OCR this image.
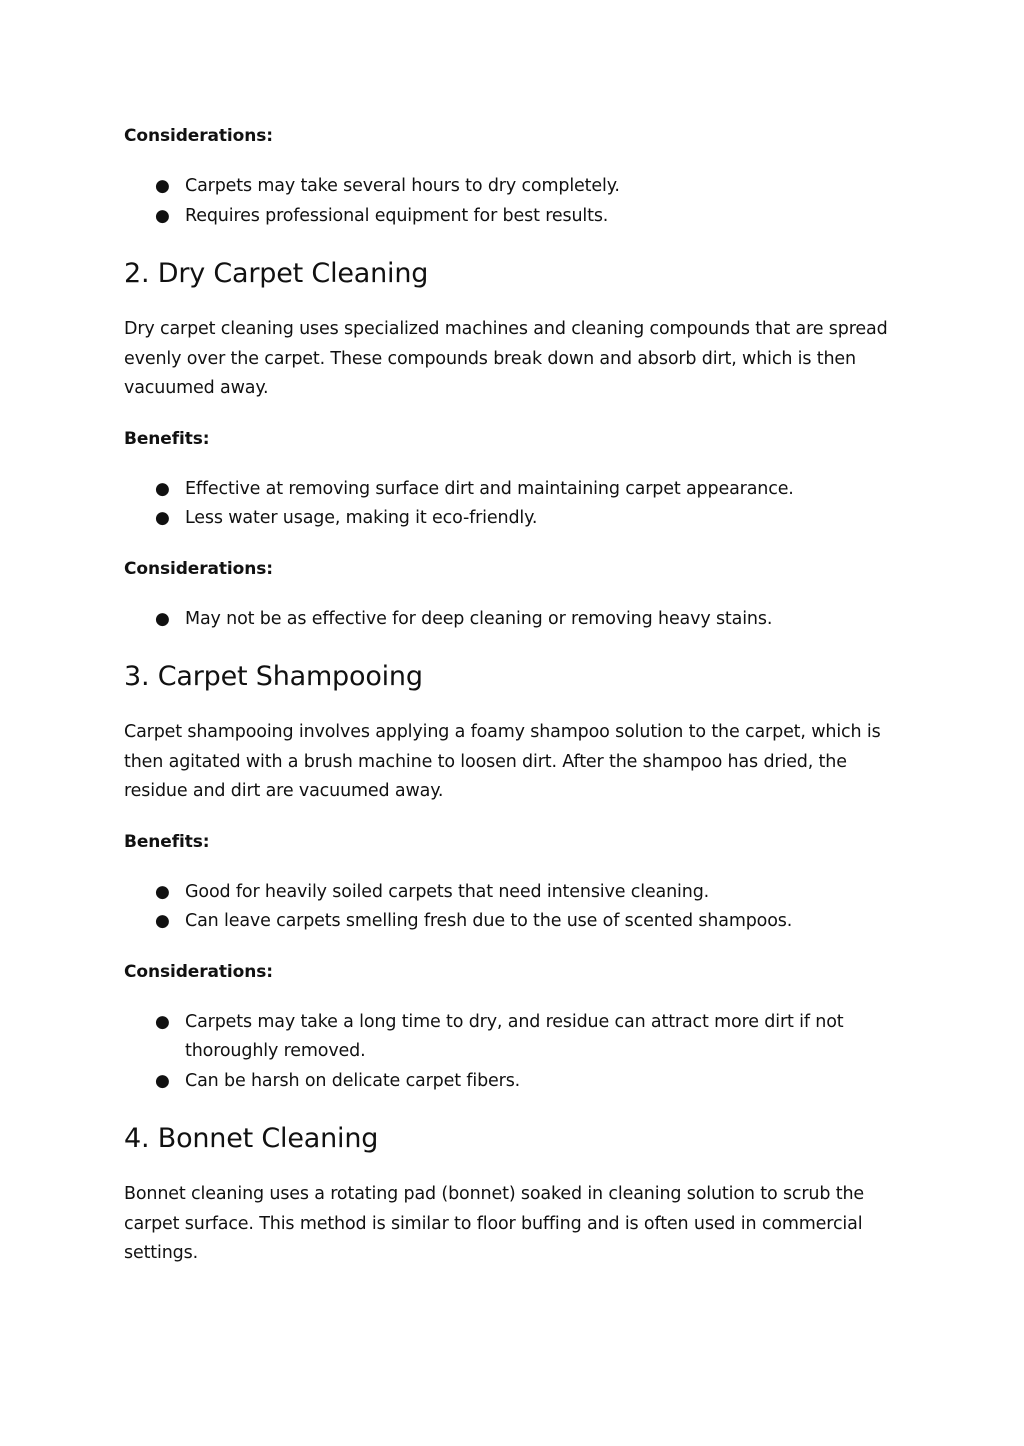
Considerations:

● Carpets may take several hours to dry completely.
● Requires professional equipment for best results.
2. Dry Carpet Cleaning

Dry carpet cleaning uses specialized machines and cleaning compounds that are spread evenly over the carpet. These compounds break down and absorb dirt, which is then vacuumed away.

Benefits:

● Effective at removing surface dirt and maintaining carpet appearance.
● Less water usage, making it eco-friendly.

Considerations:

● May not be as effective for deep cleaning or removing heavy stains.
3. Carpet Shampooing

Carpet shampooing involves applying a foamy shampoo solution to the carpet, which is then agitated with a brush machine to loosen dirt. After the shampoo has dried, the residue and dirt are vacuumed away.

Benefits:

● Good for heavily soiled carpets that need intensive cleaning.
● Can leave carpets smelling fresh due to the use of scented shampoos.

Considerations:

● Carpets may take a long time to dry, and residue can attract more dirt if not thoroughly removed.
● Can be harsh on delicate carpet fibers.
4. Bonnet Cleaning

Bonnet cleaning uses a rotating pad (bonnet) soaked in cleaning solution to scrub the carpet surface. This method is similar to floor buffing and is often used in commercial settings.
